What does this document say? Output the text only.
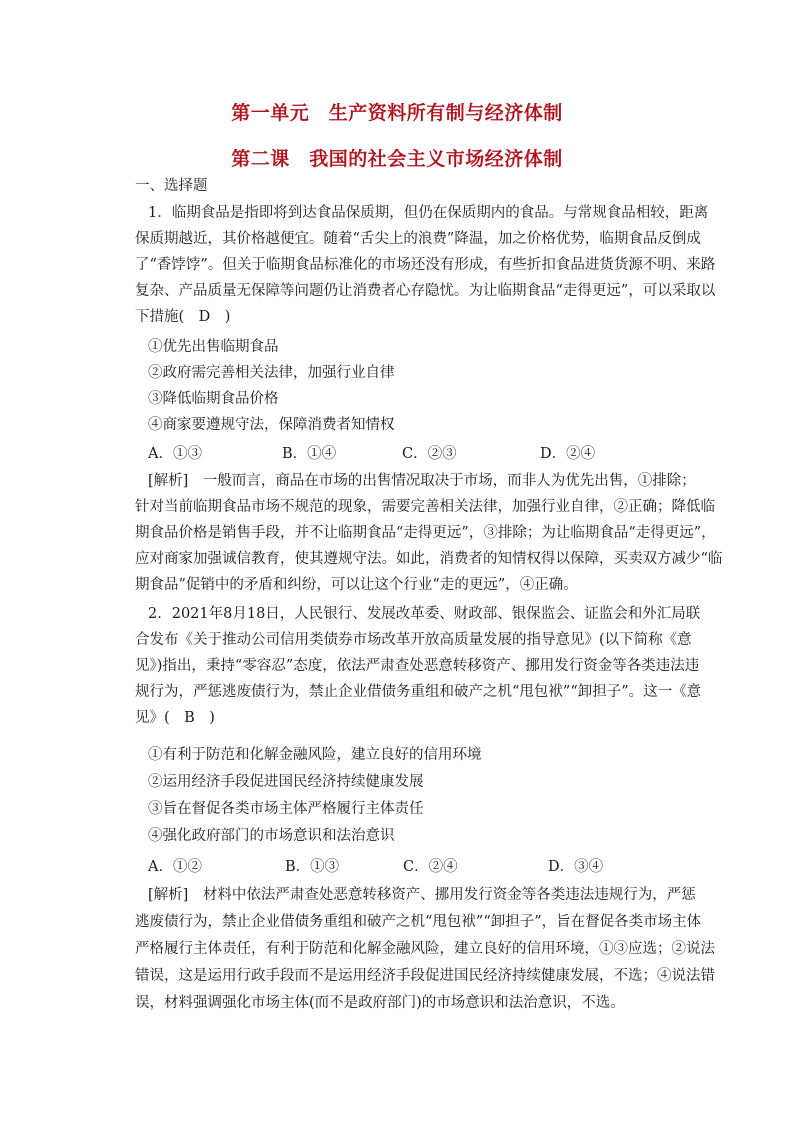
第一单元　生产资料所有制与经济体制
第二课　我国的社会主义市场经济体制
一、选择题
1．临期食品是指即将到达食品保质期，但仍在保质期内的食品。与常规食品相较，距离
保质期越近，其价格越便宜。随着“舌尖上的浪费”降温，加之价格优势，临期食品反倒成
了“香饽饽”。但关于临期食品标准化的市场还没有形成，有些折扣食品进货货源不明、来路
复杂、产品质量无保障等问题仍让消费者心存隐忧。为让临期食品“走得更远”，可以采取以
下措施(　D　)
①优先出售临期食品
②政府需完善相关法律，加强行业自律
③降低临期食品价格
④商家要遵规守法，保障消费者知情权
A．①③	B．①④	C．②③	D．②④
[解析]　一般而言，商品在市场的出售情况取决于市场，而非人为优先出售，①排除；
针对当前临期食品市场不规范的现象，需要完善相关法律，加强行业自律，②正确；降低临
期食品价格是销售手段，并不让临期食品“走得更远”，③排除；为让临期食品“走得更远”，
应对商家加强诚信教育，使其遵规守法。如此，消费者的知情权得以保障，买卖双方减少“临
期食品”促销中的矛盾和纠纷，可以让这个行业“走的更远”，④正确。
2．2021年8月18日，人民银行、发展改革委、财政部、银保监会、证监会和外汇局联
合发布《关于推动公司信用类债券市场改革开放高质量发展的指导意见》(以下简称《意
见》)指出，秉持“零容忍”态度，依法严肃查处恶意转移资产、挪用发行资金等各类违法违
规行为，严惩逃废债行为，禁止企业借债务重组和破产之机“甩包袱”“卸担子”。这一《意
见》(　B　)
①有利于防范和化解金融风险，建立良好的信用环境
②运用经济手段促进国民经济持续健康发展
③旨在督促各类市场主体严格履行主体责任
④强化政府部门的市场意识和法治意识
A．①②	B．①③	C．②④	D．③④
[解析]　材料中依法严肃查处恶意转移资产、挪用发行资金等各类违法违规行为，严惩
逃废债行为，禁止企业借债务重组和破产之机“甩包袱”“卸担子”，旨在督促各类市场主体
严格履行主体责任，有利于防范和化解金融风险，建立良好的信用环境，①③应选；②说法
错误，这是运用行政手段而不是运用经济手段促进国民经济持续健康发展，不选；④说法错
误，材料强调强化市场主体(而不是政府部门)的市场意识和法治意识，不选。
